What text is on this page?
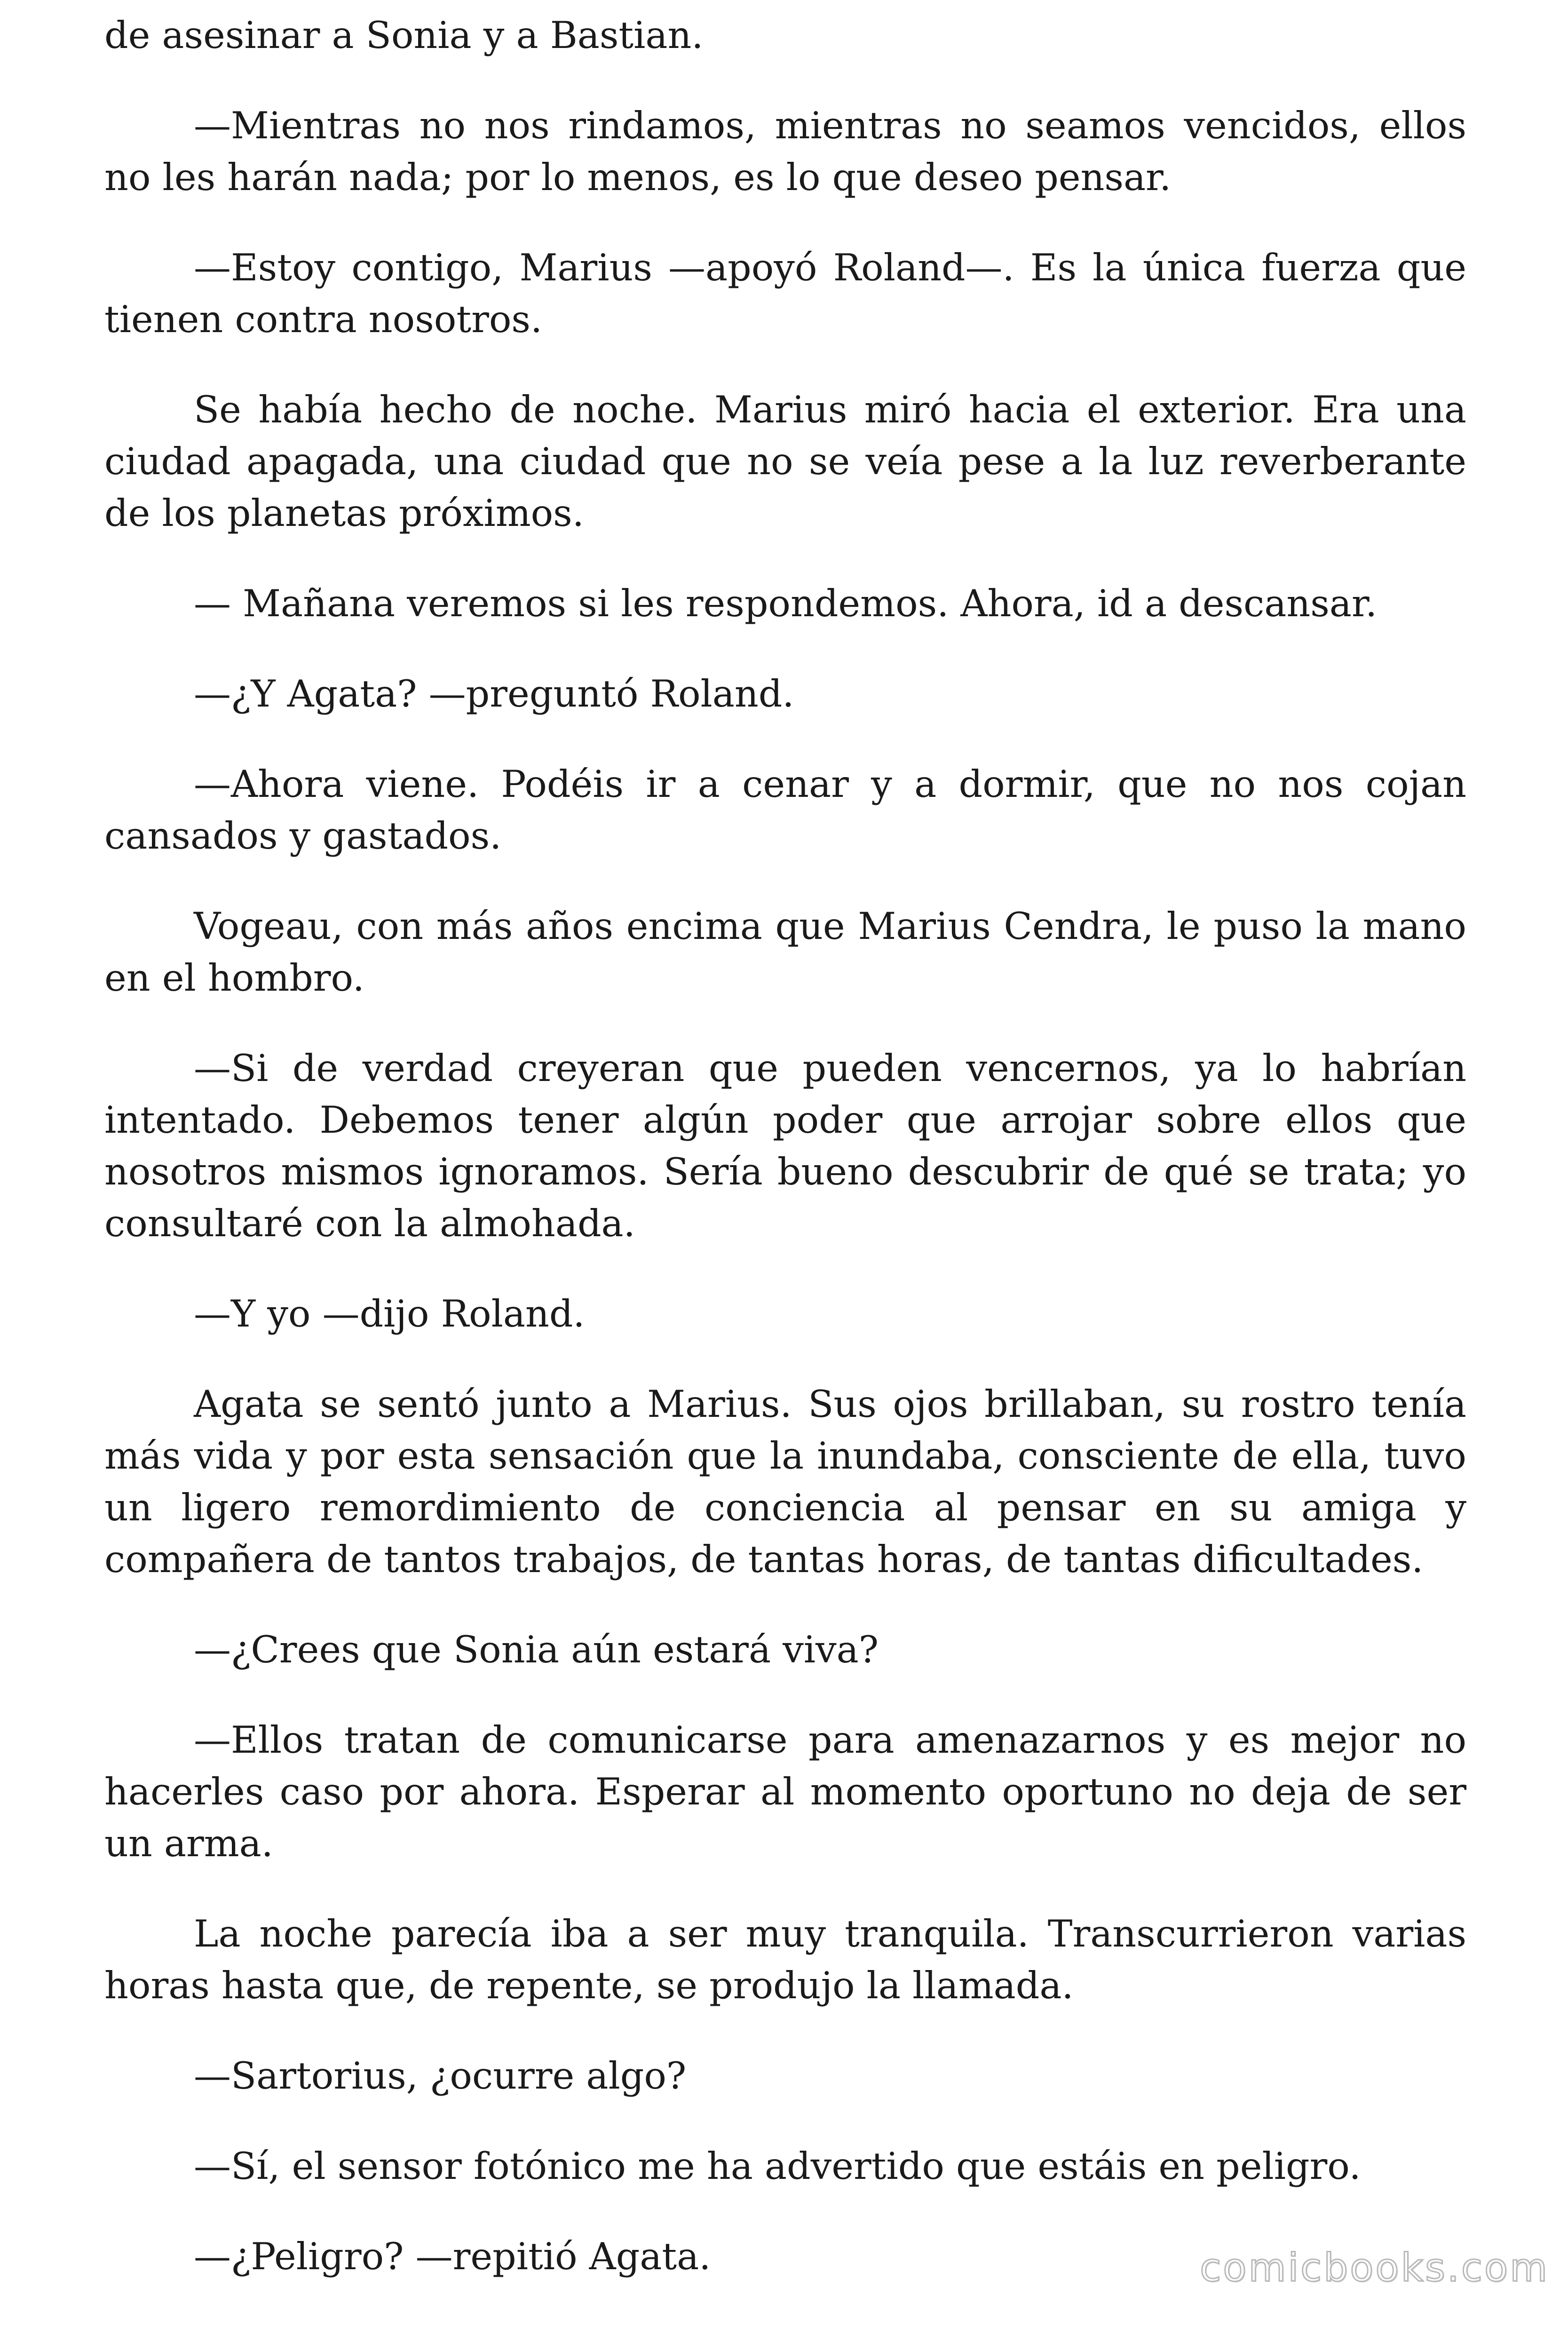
de asesinar a Sonia y a Bastian.

—Mientras no nos rindamos, mientras no seamos vencidos, ellos no les harán nada; por lo menos, es lo que deseo pensar.

—Estoy contigo, Marius —apoyó Roland—. Es la única fuerza que tienen contra nosotros.

Se había hecho de noche. Marius miró hacia el exterior. Era una ciudad apagada, una ciudad que no se veía pese a la luz reverberante de los planetas próximos.

— Mañana veremos si les respondemos. Ahora, id a descansar.

—¿Y Agata? —preguntó Roland.

—Ahora viene. Podéis ir a cenar y a dormir, que no nos cojan cansados y gastados.

Vogeau, con más años encima que Marius Cendra, le puso la mano en el hombro.

—Si de verdad creyeran que pueden vencernos, ya lo habrían intentado. Debemos tener algún poder que arrojar sobre ellos que nosotros mismos ignoramos. Sería bueno descubrir de qué se trata; yo consultaré con la almohada.

—Y yo —dijo Roland.

Agata se sentó junto a Marius. Sus ojos brillaban, su rostro tenía más vida y por esta sensación que la inundaba, consciente de ella, tuvo un ligero remordimiento de conciencia al pensar en su amiga y compañera de tantos trabajos, de tantas horas, de tantas dificultades.

—¿Crees que Sonia aún estará viva?

—Ellos tratan de comunicarse para amenazarnos y es mejor no hacerles caso por ahora. Esperar al momento oportuno no deja de ser un arma.

La noche parecía iba a ser muy tranquila. Transcurrieron varias horas hasta que, de repente, se produjo la llamada.

—Sartorius, ¿ocurre algo?

—Sí, el sensor fotónico me ha advertido que estáis en peligro.

—¿Peligro? —repitió Agata.	comicbooks.com
